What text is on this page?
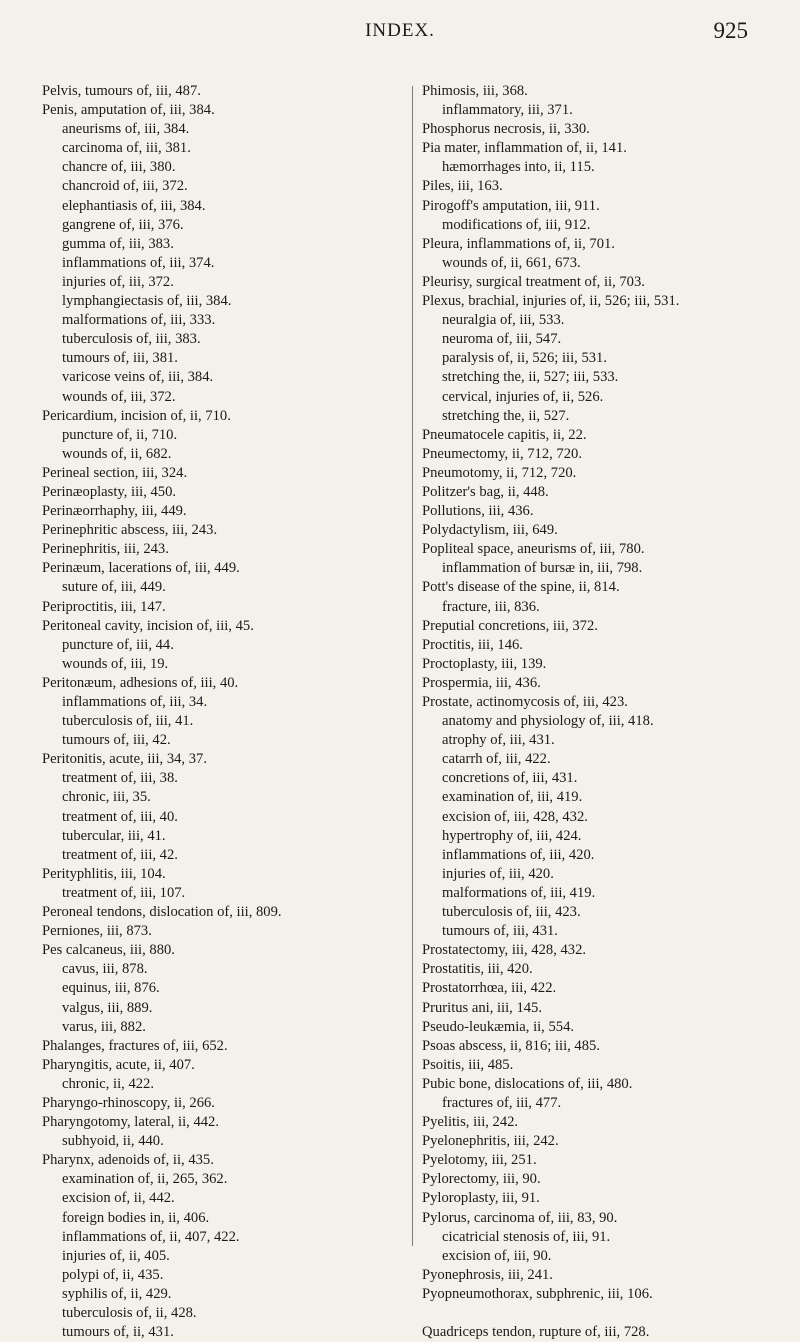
INDEX.	925
Pelvis, tumours of, iii, 487.
Penis, amputation of, iii, 384.
aneurisms of, iii, 384.
carcinoma of, iii, 381.
chancre of, iii, 380.
chancroid of, iii, 372.
elephantiasis of, iii, 384.
gangrene of, iii, 376.
gumma of, iii, 383.
inflammations of, iii, 374.
injuries of, iii, 372.
lymphangiectasis of, iii, 384.
malformations of, iii, 333.
tuberculosis of, iii, 383.
tumours of, iii, 381.
varicose veins of, iii, 384.
wounds of, iii, 372.
Pericardium, incision of, ii, 710.
puncture of, ii, 710.
wounds of, ii, 682.
Perineal section, iii, 324.
Perinæoplasty, iii, 450.
Perinæorrhaphy, iii, 449.
Perinephritic abscess, iii, 243.
Perinephritis, iii, 243.
Perinæum, lacerations of, iii, 449.
suture of, iii, 449.
Periproctitis, iii, 147.
Peritoneal cavity, incision of, iii, 45.
puncture of, iii, 44.
wounds of, iii, 19.
Peritonæum, adhesions of, iii, 40.
inflammations of, iii, 34.
tuberculosis of, iii, 41.
tumours of, iii, 42.
Peritonitis, acute, iii, 34, 37.
treatment of, iii, 38.
chronic, iii, 35.
treatment of, iii, 40.
tubercular, iii, 41.
treatment of, iii, 42.
Perityphlitis, iii, 104.
treatment of, iii, 107.
Peroneal tendons, dislocation of, iii, 809.
Perniones, iii, 873.
Pes calcaneus, iii, 880.
cavus, iii, 878.
equinus, iii, 876.
valgus, iii, 889.
varus, iii, 882.
Phalanges, fractures of, iii, 652.
Pharyngitis, acute, ii, 407.
chronic, ii, 422.
Pharyngo-rhinoscopy, ii, 266.
Pharyngotomy, lateral, ii, 442.
subhyoid, ii, 440.
Pharynx, adenoids of, ii, 435.
examination of, ii, 265, 362.
excision of, ii, 442.
foreign bodies in, ii, 406.
inflammations of, ii, 407, 422.
injuries of, ii, 405.
polypi of, ii, 435.
syphilis of, ii, 429.
tuberculosis of, ii, 428.
tumours of, ii, 431.
Phimosis, iii, 368.
inflammatory, iii, 371.
Phosphorus necrosis, ii, 330.
Pia mater, inflammation of, ii, 141.
hæmorrhages into, ii, 115.
Piles, iii, 163.
Pirogoff's amputation, iii, 911.
modifications of, iii, 912.
Pleura, inflammations of, ii, 701.
wounds of, ii, 661, 673.
Pleurisy, surgical treatment of, ii, 703.
Plexus, brachial, injuries of, ii, 526; iii, 531.
neuralgia of, iii, 533.
neuroma of, iii, 547.
paralysis of, ii, 526; iii, 531.
stretching the, ii, 527; iii, 533.
cervical, injuries of, ii, 526.
stretching the, ii, 527.
Pneumatocele capitis, ii, 22.
Pneumectomy, ii, 712, 720.
Pneumotomy, ii, 712, 720.
Politzer's bag, ii, 448.
Pollutions, iii, 436.
Polydactylism, iii, 649.
Popliteal space, aneurisms of, iii, 780.
inflammation of bursæ in, iii, 798.
Pott's disease of the spine, ii, 814.
fracture, iii, 836.
Preputial concretions, iii, 372.
Proctitis, iii, 146.
Proctoplasty, iii, 139.
Prospermia, iii, 436.
Prostate, actinomycosis of, iii, 423.
anatomy and physiology of, iii, 418.
atrophy of, iii, 431.
catarrh of, iii, 422.
concretions of, iii, 431.
examination of, iii, 419.
excision of, iii, 428, 432.
hypertrophy of, iii, 424.
inflammations of, iii, 420.
injuries of, iii, 420.
malformations of, iii, 419.
tuberculosis of, iii, 423.
tumours of, iii, 431.
Prostatectomy, iii, 428, 432.
Prostatitis, iii, 420.
Prostatorrhœa, iii, 422.
Pruritus ani, iii, 145.
Pseudo-leukæmia, ii, 554.
Psoas abscess, ii, 816; iii, 485.
Psoitis, iii, 485.
Pubic bone, dislocations of, iii, 480.
fractures of, iii, 477.
Pyelitis, iii, 242.
Pyelonephritis, iii, 242.
Pyelotomy, iii, 251.
Pylorectomy, iii, 90.
Pyloroplasty, iii, 91.
Pylorus, carcinoma of, iii, 83, 90.
cicatricial stenosis of, iii, 91.
excision of, iii, 90.
Pyonephrosis, iii, 241.
Pyopneumothorax, subphrenic, iii, 106.

Quadriceps tendon, rupture of, iii, 728.
